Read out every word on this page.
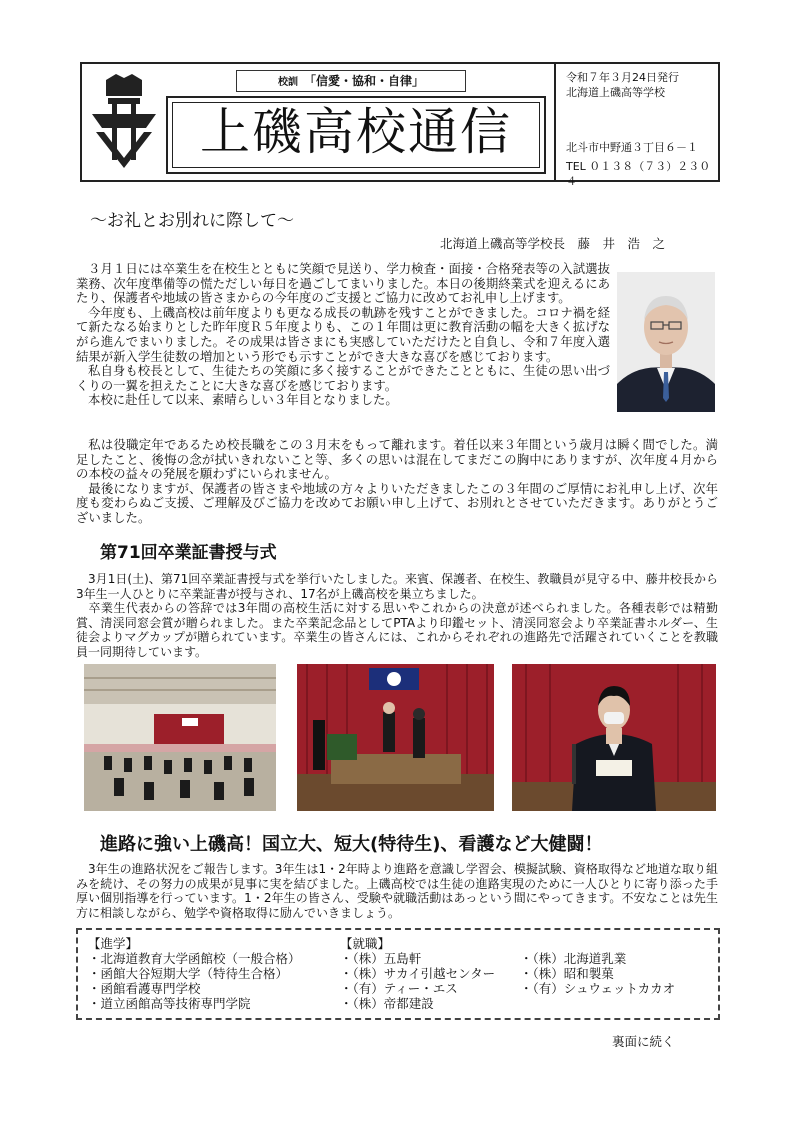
校訓 「信愛・協和・自律」
上磯高校通信
令和７年３月24日発行
北海道上磯高等学校
北斗市中野通３丁目６－１
TEL ０１３８（７３）２３０４
～お礼とお別れに際して～
北海道上磯高等学校長　藤　井　浩　之
３月１日には卒業生を在校生とともに笑顔で見送り、学力検査・面接・合格発表等の入試選抜業務、次年度準備等の慌ただしい毎日を過ごしてまいりました。本日の後期終業式を迎えるにあたり、保護者や地域の皆さまからの今年度のご支援とご協力に改めてお礼申し上げます。
今年度も、上磯高校は前年度よりも更なる成長の軌跡を残すことができました。コロナ禍を経て新たなる始まりとした昨年度Ｒ５年度よりも、この１年間は更に教育活動の幅を大きく拡げながら進んでまいりました。その成果は皆さまにも実感していただけたと自負し、令和７年度入選結果が新入学生徒数の増加という形でも示すことができ大きな喜びを感じております。
私自身も校長として、生徒たちの笑顔に多く接することができたことともに、生徒の思い出づくりの一翼を担えたことに大きな喜びを感じております。
本校に赴任して以来、素晴らしい３年目となりました。
私は役職定年であるため校長職をこの３月末をもって離れます。着任以来３年間という歳月は瞬く間でした。満足したこと、後悔の念が拭いきれないこと等、多くの思いは混在してまだこの胸中にありますが、次年度４月からの本校の益々の発展を願わずにいられません。
最後になりますが、保護者の皆さまや地域の方々よりいただきましたこの３年間のご厚情にお礼申し上げ、次年度も変わらぬご支援、ご理解及びご協力を改めてお願い申し上げて、お別れとさせていただきます。ありがとうございました。
第71回卒業証書授与式
3月1日(土)、第71回卒業証書授与式を挙行いたしました。来賓、保護者、在校生、教職員が見守る中、藤井校長から3年生一人ひとりに卒業証書が授与され、17名が上磯高校を巣立ちました。
卒業生代表からの答辞では3年間の高校生活に対する思いやこれからの決意が述べられました。各種表彰では精勤賞、清渓同窓会賞が贈られました。また卒業記念品としてPTAより印鑑セット、清渓同窓会より卒業証書ホルダー、生徒会よりマグカップが贈られています。卒業生の皆さんには、これからそれぞれの進路先で活躍されていくことを教職員一同期待しています。
進路に強い上磯高！国立大、短大(特待生)、看護など大健闘！
3年生の進路状況をご報告します。3年生は1・2年時より進路を意識し学習会、模擬試験、資格取得など地道な取り組みを続け、その努力の成果が見事に実を結びました。上磯高校では生徒の進路実現のために一人ひとりに寄り添った手厚い個別指導を行っています。1・2年生の皆さん、受験や就職活動はあっという間にやってきます。不安なことは先生方に相談しながら、勉学や資格取得に励んでいきましょう。
【進学】
・北海道教育大学函館校（一般合格）
・函館大谷短期大学（特待生合格）
・函館看護専門学校
・道立函館高等技術専門学院
【就職】
・（株）五島軒
・（株）サカイ引越センター
・（有）ティー・エス
・（株）帝都建設
・（株）北海道乳業
・（株）昭和製菓
・（有）シュウェットカカオ
裏面に続く
